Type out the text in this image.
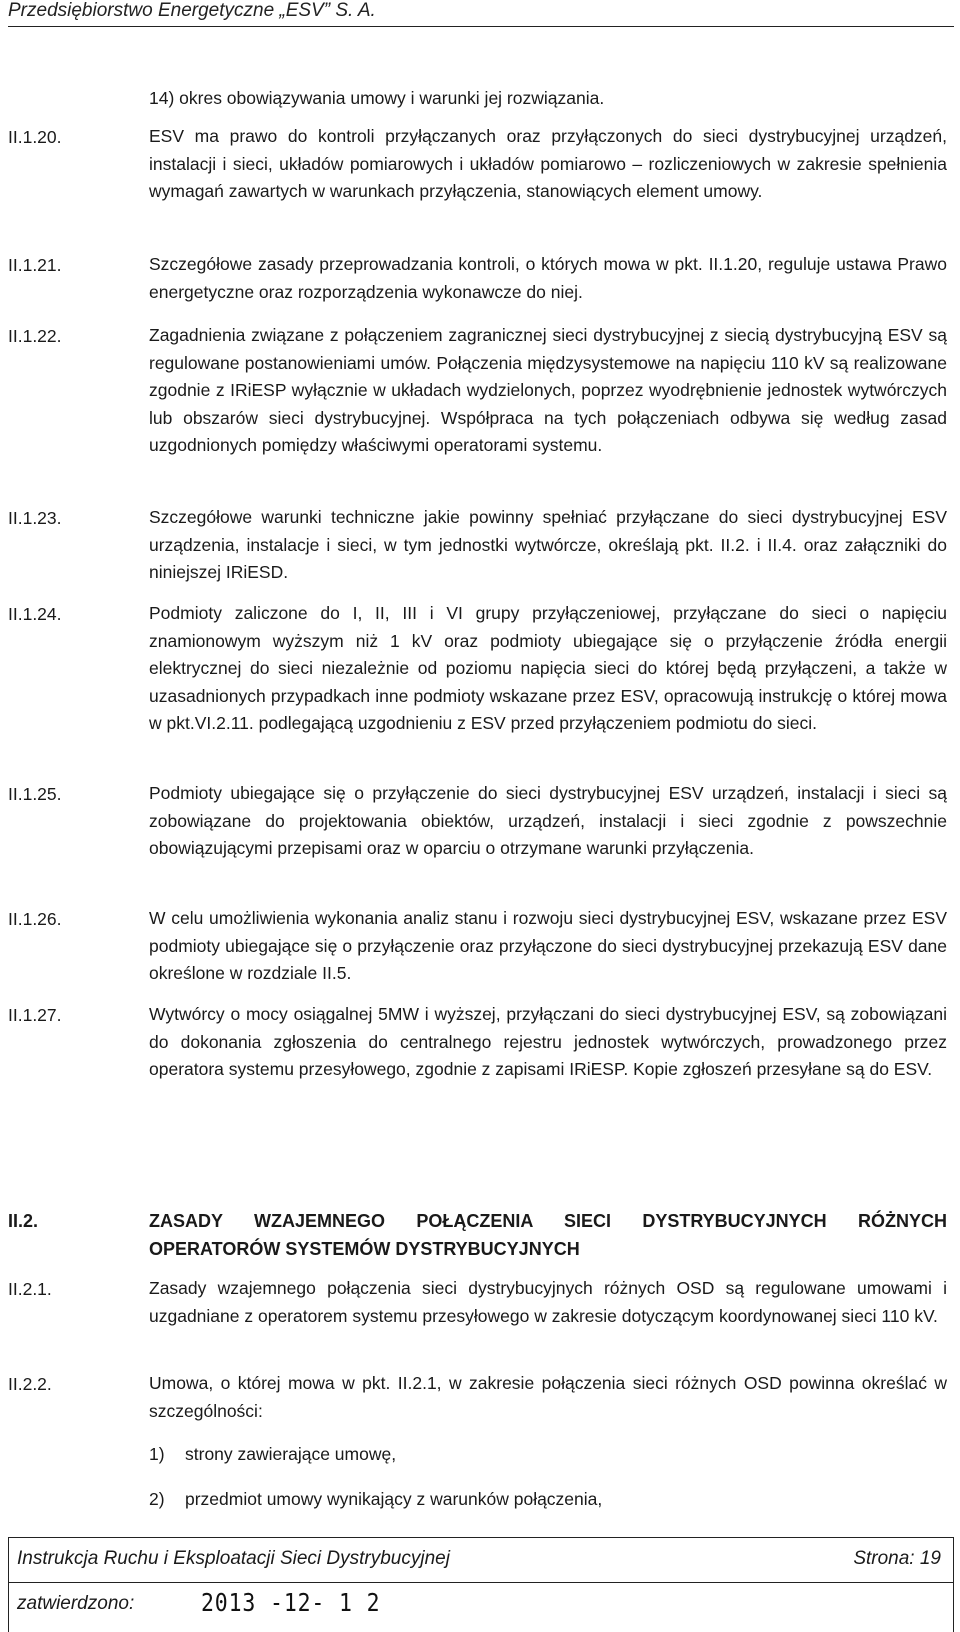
Przedsiębiorstwo Energetyczne „ESV” S. A.
14) okres obowiązywania umowy i warunki jej rozwiązania.
II.1.20.	ESV ma prawo do kontroli przyłączanych oraz przyłączonych do sieci dystrybucyjnej urządzeń, instalacji i sieci, układów pomiarowych i układów pomiarowo – rozliczeniowych w zakresie spełnienia wymagań zawartych w warunkach przyłączenia, stanowiących element umowy.
II.1.21.	Szczegółowe zasady przeprowadzania kontroli, o których mowa w pkt. II.1.20, reguluje ustawa Prawo energetyczne oraz rozporządzenia wykonawcze do niej.
II.1.22.	Zagadnienia związane z połączeniem zagranicznej sieci dystrybucyjnej z siecią dystrybucyjną ESV są regulowane postanowieniami umów. Połączenia międzysystemowe na napięciu 110 kV są realizowane zgodnie z IRiESP wyłącznie w układach wydzielonych, poprzez wyodrębnienie jednostek wytwórczych lub obszarów sieci dystrybucyjnej. Współpraca na tych połączeniach odbywa się według zasad uzgodnionych pomiędzy właściwymi operatorami systemu.
II.1.23.	Szczegółowe warunki techniczne jakie powinny spełniać przyłączane do sieci dystrybucyjnej ESV urządzenia, instalacje i sieci, w tym jednostki wytwórcze, określają pkt. II.2. i II.4. oraz załączniki do niniejszej IRiESD.
II.1.24.	Podmioty zaliczone do I, II, III i VI grupy przyłączeniowej, przyłączane do sieci o napięciu znamionowym wyższym niż 1 kV oraz podmioty ubiegające się o przyłączenie źródła energii elektrycznej do sieci niezależnie od poziomu napięcia sieci do której będą przyłączeni, a także w uzasadnionych przypadkach inne podmioty wskazane przez ESV, opracowują instrukcję o której mowa w pkt.VI.2.11. podlegającą uzgodnieniu z ESV przed przyłączeniem podmiotu do sieci.
II.1.25.	Podmioty ubiegające się o przyłączenie do sieci dystrybucyjnej ESV urządzeń, instalacji i sieci są zobowiązane do projektowania obiektów, urządzeń, instalacji i sieci zgodnie z powszechnie obowiązującymi przepisami oraz w oparciu o otrzymane warunki przyłączenia.
II.1.26.	W celu umożliwienia wykonania analiz stanu i rozwoju sieci dystrybucyjnej ESV, wskazane przez ESV podmioty ubiegające się o przyłączenie oraz przyłączone do sieci dystrybucyjnej przekazują ESV dane określone w rozdziale II.5.
II.1.27.	Wytwórcy o mocy osiągalnej 5MW i wyższej, przyłączani do sieci dystrybucyjnej ESV, są zobowiązani do dokonania zgłoszenia do centralnego rejestru jednostek wytwórczych, prowadzonego przez operatora systemu przesyłowego, zgodnie z zapisami IRiESP. Kopie zgłoszeń przesyłane są do ESV.
II.2.	ZASADY WZAJEMNEGO POŁĄCZENIA SIECI DYSTRYBUCYJNYCH RÓŻNYCH OPERATORÓW SYSTEMÓW DYSTRYBUCYJNYCH
II.2.1.	Zasady wzajemnego połączenia sieci dystrybucyjnych różnych OSD są regulowane umowami i uzgadniane z operatorem systemu przesyłowego w zakresie dotyczącym koordynowanej sieci 110 kV.
II.2.2.	Umowa, o której mowa w pkt. II.2.1, w zakresie połączenia sieci różnych OSD powinna określać w szczególności:
1) strony zawierające umowę,
2) przedmiot umowy wynikający z warunków połączenia,
Instrukcja Ruchu i Eksploatacji Sieci Dystrybucyjnej	Strona: 19
zatwierdzono:	2013 -12- 1 2
